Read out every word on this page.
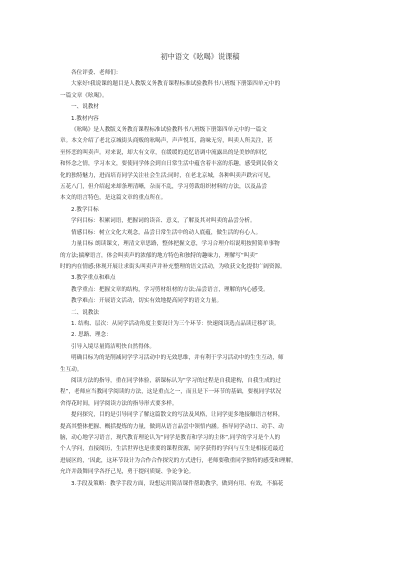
初中语文《吆喝》说课稿

各位评委、老师们：

大家好!我说课的题目是人教版义务教育课程标准试验教科书八班级下册第四单元中的

一篇文章《吆喝》。

一、说教材

1.教材内容

《吆喝》是人教版义务教育课程标准试验教科书八班级下册第四单元中的一篇文

章。本文介绍了老北京城街头商贩的吆喝声，声声悦耳，韵味无穷，叫卖人所关注，甚

至怀恋的叫卖声。对来说，却大有文章，在缓缓的追忆语调中流露出的是美妙的回忆

和怀念之情，学习本文，要使同学体会到自日常生活中蕴含着丰富的乐趣，感受到民俗文

化的独特魅力，进而培育同学关注社会生活;同时，在老北京城，各种叫卖声跌宕可见，

五花八门，但介绍起来却条理清晰，杂而不乱，学习剪裁组织材料的方法，以及品尝

本文的语言特色，是这篇文章的重点所在。

2.教学目标

学问目标：积累词语，把握词的读音、意义，了解及其对叫卖的品尝分析。

情感目标：树立文化大观念，品尝日常生活中的动人底蕴，做生活的有心人。

力量目标 朗读课文，理清文章思路，整体把握文意，学习合理介绍说明按照简单事物

的方法;揣摩语言，体会叫卖声的浓郁的地方特色和独特的趣味力，理解写“叫卖”

时的内在情感;体现开展让求街头叫卖声并补充整理的语文活动，为收获文化提供广阔资源。

3.教学重点和难点

教学重点：把握文章的结构，学习剪材组材的方法;品尝语言，理解的内心感受。

教学难点：开展语文活动，切实有效地提高同学的语文力量。

二、说教法

1. 结构、层次：从同学活动角度主要设计为三个环节：快速阅读选点品读迁移扩读。

2. 思路、理念：

引导入境尽量简洁明快自然得体。

明确目标为的是削减同学学习活动中的无效思维，并有利于学习活动中的生生互动，师

生互动。

阅读方法的指导，重在同学体验，新课标认为“学习的过程是自我建构，自我生成的过

程”，老师应当教同学阅读的方法，这是重点之一，而且是下一环节的基础，要视同学状况

舍得花时间，同学阅读方法的指导形式要多样。

提问探究，目的是引导同学了解这篇散文的写法及风格，让同学更多地接触语言材料，

提高其整体把握、概括提炼的力量，做到从语言品尝中领悟内涵。指导同学动口、动手、动

脑，动心地学习语言，现代教育理论认为“同学是教育和学习的主体”,同学的学习是个人的

个人学问，直接阅历，生活世界也是重要的课程资源，同学获得的学问与互生是相接近最近

进展区的，‘因此，这环节设计为合作合作探究的方式进行，老师要敬重同学独特的感受和理解，

允许并鼓舞同学各抒己见，勇于提问质疑、争论争论。

3.手段及策略：教学手段方面，设想运用简洁课件帮助教学，做到有用、有效，不搞花
